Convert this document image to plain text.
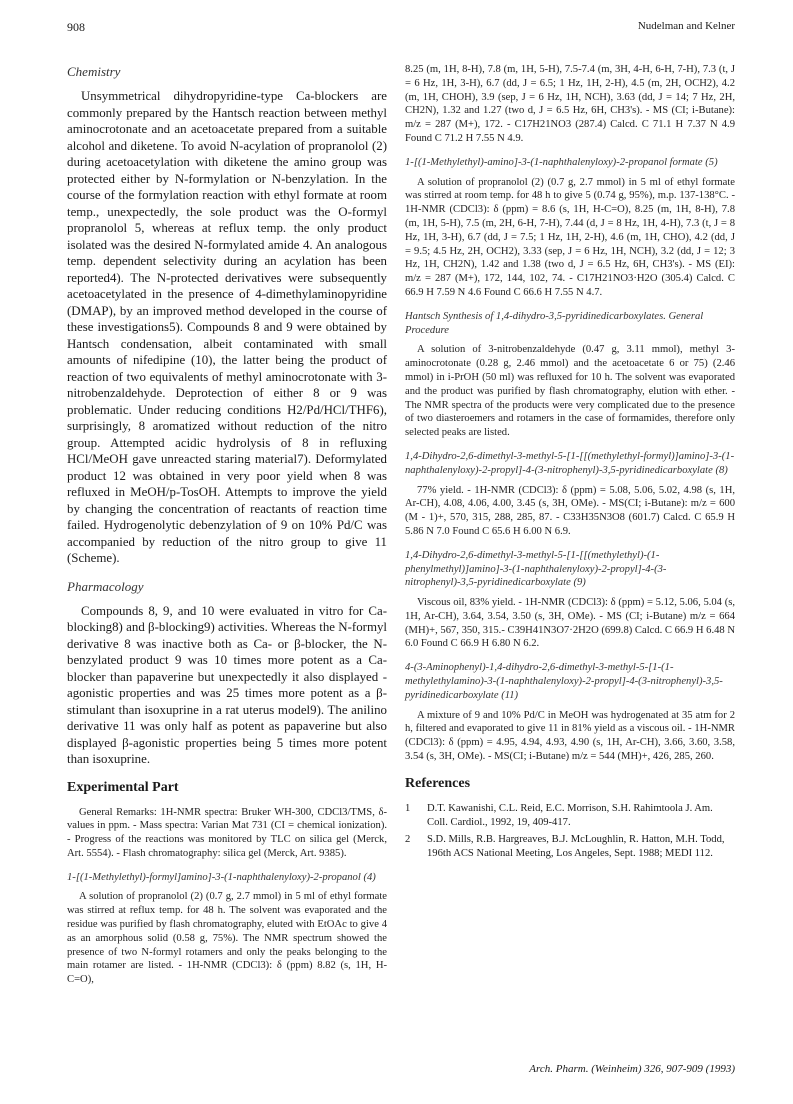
908	Nudelman and Kelner
Chemistry

Unsymmetrical dihydropyridine-type Ca-blockers are commonly prepared by the Hantsch reaction between methyl aminocrotonate and an acetoacetate prepared from a suitable alcohol and diketene. To avoid N-acylation of propranolol (2) during acetoacetylation with diketene the amino group was protected either by N-formylation or N-benzylation. In the course of the formylation reaction with ethyl formate at room temp., unexpectedly, the sole product was the O-formyl propranolol 5, whereas at reflux temp. the only product isolated was the desired N-formylated amide 4. An analogous temp. dependent selectivity during an acylation has been reported4). The N-protected derivatives were subsequently acetoacetylated in the presence of 4-dimethylaminopyridine (DMAP), by an improved method developed in the course of these investigations5). Compounds 8 and 9 were obtained by Hantsch condensation, albeit contaminated with small amounts of nifedipine (10), the latter being the product of reaction of two equivalents of methyl aminocrotonate with 3-nitrobenzaldehyde. Deprotection of either 8 or 9 was problematic. Under reducing conditions H2/Pd/HCl/THF6), surprisingly, 8 aromatized without reduction of the nitro group. Attempted acidic hydrolysis of 8 in refluxing HCl/MeOH gave unreacted staring material7). Deformylated product 12 was obtained in very poor yield when 8 was refluxed in MeOH/p-TosOH. Attempts to improve the yield by changing the concentration of reactants of reaction time failed. Hydrogenolytic debenzylation of 9 on 10% Pd/C was accompanied by reduction of the nitro group to give 11 (Scheme).

Pharmacology

Compounds 8, 9, and 10 were evaluated in vitro for Ca-blocking8) and β-blocking9) activities. Whereas the N-formyl derivative 8 was inactive both as Ca- or β-blocker, the N-benzylated product 9 was 10 times more potent as a Ca-blocker than papaverine but unexpectedly it also displayed -agonistic properties and was 25 times more potent as a β-stimulant than isoxuprine in a rat uterus model9). The anilino derivative 11 was only half as potent as papaverine but also displayed β-agonistic properties being 5 times more potent than isoxuprine.

Experimental Part

General Remarks: 1H-NMR spectra: Bruker WH-300, CDCl3/TMS, δ-values in ppm. - Mass spectra: Varian Mat 731 (CI = chemical ionization). - Progress of the reactions was monitored by TLC on silica gel (Merck, Art. 5554). - Flash chromatography: silica gel (Merck, Art. 9385).

1-[(1-Methylethyl)-formyl]amino]-3-(1-naphthalenyloxy)-2-propanol (4)

A solution of propranolol (2) (0.7 g, 2.7 mmol) in 5 ml of ethyl formate was stirred at reflux temp. for 48 h. The solvent was evaporated and the residue was purified by flash chromatography, eluted with EtOAc to give 4 as an amorphous solid (0.58 g, 75%). The NMR spectrum showed the presence of two N-formyl rotamers and only the peaks belonging to the main rotamer are listed. - 1H-NMR (CDCl3): δ (ppm) 8.82 (s, 1H, H-C=O),

8.25 (m, 1H, 8-H), 7.8 (m, 1H, 5-H), 7.5-7.4 (m, 3H, 4-H, 6-H, 7-H), 7.3 (t, J = 6 Hz, 1H, 3-H), 6.7 (dd, J = 6.5; 1 Hz, 1H, 2-H), 4.5 (m, 2H, OCH2), 4.2 (m, 1H, CHOH), 3.9 (sep, J = 6 Hz, 1H, NCH), 3.63 (dd, J = 14; 7 Hz, 2H, CH2N), 1.32 and 1.27 (two d, J = 6.5 Hz, 6H, CH3's). - MS (CI; i-Butane): m/z = 287 (M+), 172. - C17H21NO3 (287.4) Calcd. C 71.1 H 7.37 N 4.9 Found C 71.2 H 7.55 N 4.9.

1-[(1-Methylethyl)-amino]-3-(1-naphthalenyloxy)-2-propanol formate (5)

A solution of propranolol (2) (0.7 g, 2.7 mmol) in 5 ml of ethyl formate was stirred at room temp. for 48 h to give 5 (0.74 g, 95%), m.p. 137-138°C. - 1H-NMR (CDCl3): δ (ppm) = 8.6 (s, 1H, H-C=O), 8.25 (m, 1H, 8-H), 7.8 (m, 1H, 5-H), 7.5 (m, 2H, 6-H, 7-H), 7.44 (d, J = 8 Hz, 1H, 4-H), 7.3 (t, J = 8 Hz, 1H, 3-H), 6.7 (dd, J = 7.5; 1 Hz, 1H, 2-H), 4.6 (m, 1H, CHO), 4.2 (dd, J = 9.5; 4.5 Hz, 2H, OCH2), 3.33 (sep, J = 6 Hz, 1H, NCH), 3.2 (dd, J = 12; 3 Hz, 1H, CH2N), 1.42 and 1.38 (two d, J = 6.5 Hz, 6H, CH3's). - MS (EI): m/z = 287 (M+), 172, 144, 102, 74. - C17H21NO3·H2O (305.4) Calcd. C 66.9 H 7.59 N 4.6 Found C 66.6 H 7.55 N 4.7.

Hantsch Synthesis of 1,4-dihydro-3,5-pyridinedicarboxylates. General Procedure

A solution of 3-nitrobenzaldehyde (0.47 g, 3.11 mmol), methyl 3-aminocrotonate (0.28 g, 2.46 mmol) and the acetoacetate 6 or 75) (2.46 mmol) in i-PrOH (50 ml) was refluxed for 10 h. The solvent was evaporated and the product was purified by flash chromatography, elution with ether. - The NMR spectra of the products were very complicated due to the presence of two diasteroemers and rotamers in the case of formamides, therefore only selected peaks are listed.

1,4-Dihydro-2,6-dimethyl-3-methyl-5-[1-[[(methylethyl-formyl)]amino]-3-(1-naphthalenyloxy)-2-propyl]-4-(3-nitrophenyl)-3,5-pyridinedicarboxylate (8)

77% yield. - 1H-NMR (CDCl3): δ (ppm) = 5.08, 5.06, 5.02, 4.98 (s, 1H, Ar-CH), 4.08, 4.06, 4.00, 3.45 (s, 3H, OMe). - MS(CI; i-Butane): m/z = 600 (M - 1)+, 570, 315, 288, 285, 87. - C33H35N3O8 (601.7) Calcd. C 65.9 H 5.86 N 7.0 Found C 65.6 H 6.00 N 6.9.

1,4-Dihydro-2,6-dimethyl-3-methyl-5-[1-[[(methylethyl)-(1-phenylmethyl)]amino]-3-(1-naphthalenyloxy)-2-propyl]-4-(3-nitrophenyl)-3,5-pyridinedicarboxylate (9)

Viscous oil, 83% yield. - 1H-NMR (CDCl3): δ (ppm) = 5.12, 5.06, 5.04 (s, 1H, Ar-CH), 3.64, 3.54, 3.50 (s, 3H, OMe). - MS (CI; i-Butane) m/z = 664 (MH)+, 567, 350, 315.- C39H41N3O7·2H2O (699.8) Calcd. C 66.9 H 6.48 N 6.0 Found C 66.9 H 6.80 N 6.2.

4-(3-Aminophenyl)-1,4-dihydro-2,6-dimethyl-3-methyl-5-[1-(1-methylethylamino)-3-(1-naphthalenyloxy)-2-propyl]-4-(3-nitrophenyl)-3,5-pyridinedicarboxylate (11)

A mixture of 9 and 10% Pd/C in MeOH was hydrogenated at 35 atm for 2 h, filtered and evaporated to give 11 in 81% yield as a viscous oil. - 1H-NMR (CDCl3): δ (ppm) = 4.95, 4.94, 4.93, 4.90 (s, 1H, Ar-CH), 3.66, 3.60, 3.58, 3.54 (s, 3H, OMe). - MS(CI; i-Butane) m/z = 544 (MH)+, 426, 285, 260.

References
1	D.T. Kawanishi, C.L. Reid, E.C. Morrison, S.H. Rahimtoola J. Am. Coll. Cardiol., 1992, 19, 409-417.
2	S.D. Mills, R.B. Hargreaves, B.J. McLoughlin, R. Hatton, M.H. Todd, 196th ACS National Meeting, Los Angeles, Sept. 1988; MEDI 112.
Arch. Pharm. (Weinheim) 326, 907-909 (1993)
